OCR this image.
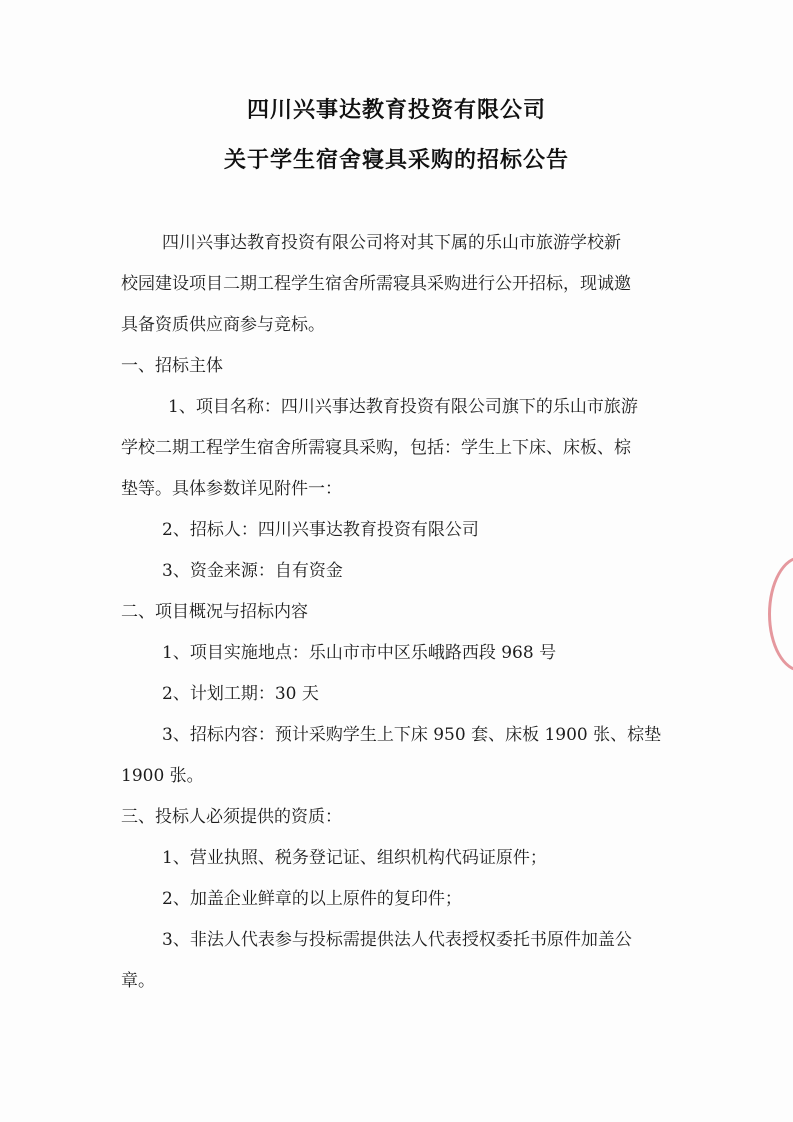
四川兴事达教育投资有限公司
关于学生宿舍寝具采购的招标公告
四川兴事达教育投资有限公司将对其下属的乐山市旅游学校新
校园建设项目二期工程学生宿舍所需寝具采购进行公开招标，现诚邀
具备资质供应商参与竞标。
一、招标主体
1、项目名称：四川兴事达教育投资有限公司旗下的乐山市旅游
学校二期工程学生宿舍所需寝具采购，包括：学生上下床、床板、棕
垫等。具体参数详见附件一：
2、招标人：四川兴事达教育投资有限公司
3、资金来源：自有资金
二、项目概况与招标内容
1、项目实施地点：乐山市市中区乐峨路西段 968 号
2、计划工期：30 天
3、招标内容：预计采购学生上下床 950 套、床板 1900 张、棕垫
1900 张。
三、投标人必须提供的资质：
1、营业执照、税务登记证、组织机构代码证原件；
2、加盖企业鲜章的以上原件的复印件；
3、非法人代表参与投标需提供法人代表授权委托书原件加盖公
章。
